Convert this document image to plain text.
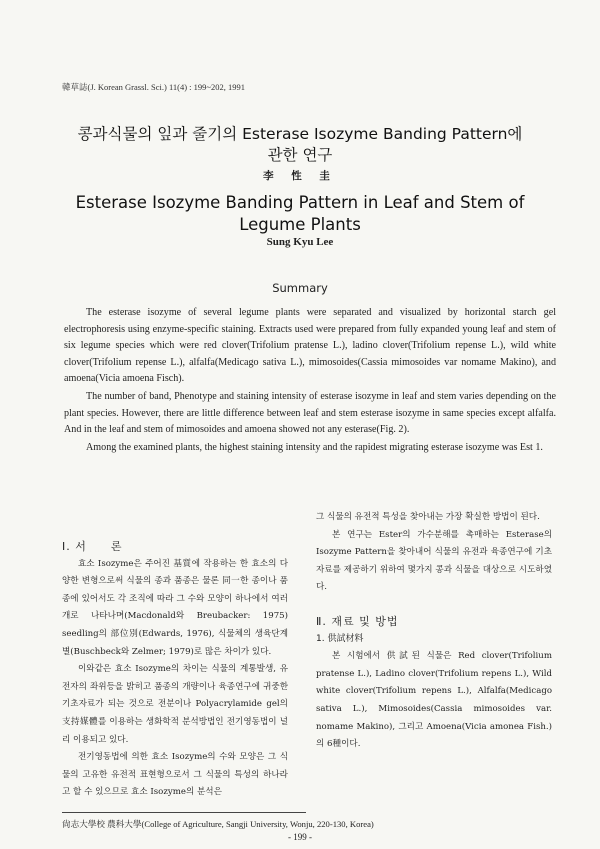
韓草誌(J. Korean Grassl. Sci.) 11(4) : 199~202, 1991
콩과식물의 잎과 줄기의 Esterase Isozyme Banding Pattern에
관한 연구
李 性 圭
Esterase Isozyme Banding Pattern in Leaf and Stem of
Legume Plants
Sung Kyu Lee
Summary

The esterase isozyme of several legume plants were separated and visualized by horizontal starch gel electrophoresis using enzyme-specific staining. Extracts used were prepared from fully expanded young leaf and stem of six legume species which were red clover(Trifolium pratense L.), ladino clover(Trifolium repense L.), wild white clover(Trifolium repense L.), alfalfa(Medicago sativa L.), mimosoides(Cassia mimosoides var nomame Makino), and amoena(Vicia amoena Fisch).

The number of band, Phenotype and staining intensity of esterase isozyme in leaf and stem varies depending on the plant species. However, there are little difference between leaf and stem esterase isozyme in same species except alfalfa. And in the leaf and stem of mimosoides and amoena showed not any esterase(Fig. 2).

Among the examined plants, the highest staining intensity and the rapidest migrating esterase isozyme was Est 1.

Ⅰ. 서　　론

효소 Isozyme은 주어진 基質에 작용하는 한 효소의 다양한 변형으로써 식물의 종과 품종은 물론 同一한 종이나 품종에 있어서도 각 조직에 따라 그 수와 모양이 하나에서 여러개로 나타나며(Macdonald와 Breubacker: 1975) seedling의 部位別(Edwards, 1976), 식물체의 생육단계별(Buschbeck와 Zelmer; 1979)로 많은 차이가 있다.

이와같은 효소 Isozyme의 차이는 식물의 계통발생, 유전자의 좌위등을 밝히고 품종의 개량이나 육종연구에 귀중한 기초자료가 되는 것으로 전분이나 Polyacrylamide gel의 支持媒體를 이용하는 생화학적 분석방법인 전기영동법이 널리 이용되고 있다.

전기영동법에 의한 효소 Isozyme의 수와 모양은 그 식물의 고유한 유전적 표현형으로서 그 식물의 특성의 하나라고 할 수 있으므로 효소 Isozyme의 분석은

그 식물의 유전적 특성을 찾아내는 가장 확실한 방법이 된다.

본 연구는 Ester의 가수분해를 촉매하는 Esterase의 Isozyme Pattern을 찾아내어 식물의 유전과 육종연구에 기초자료를 제공하기 위하여 몇가지 콩과 식물을 대상으로 시도하였다.

Ⅱ. 재료 및 방법

1. 供試材料

본 시험에서 供試된 식물은 Red clover(Trifolium pratense L.), Ladino clover(Trifolium repens L.), Wild white clover(Trifolium repens L.), Alfalfa(Medicago sativa L.), Mimosoides(Cassia mimosoides var. nomame Makino), 그리고 Amoena(Vicia amonea Fish.)의 6種이다.

尙志大學校 農科大學(College of Agriculture, Sangji University, Wonju, 220-130, Korea)
- 199 -
